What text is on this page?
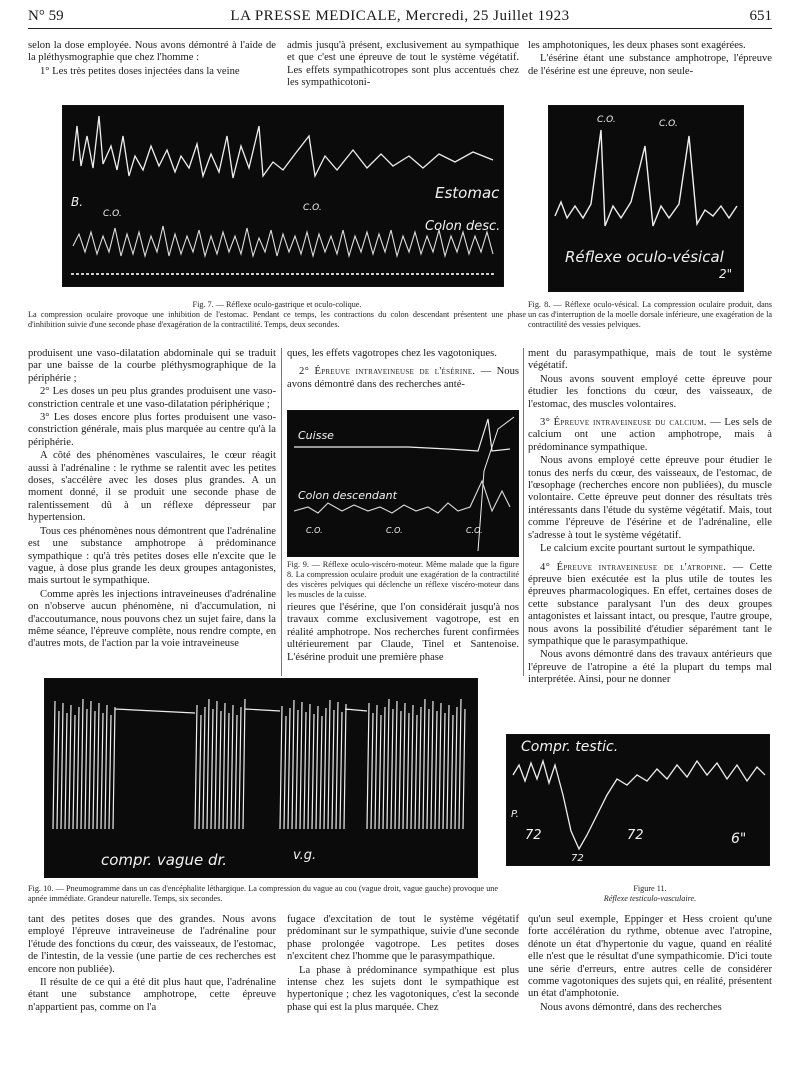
N° 59	LA PRESSE MEDICALE, Mercredi, 25 Juillet 1923	651

selon la dose employée. Nous avons démontré à l'aide de la pléthysmographie que chez l'homme :

1° Les très petites doses injectées dans la veine

admis jusqu'à présent, exclusivement au sympathique et que c'est une épreuve de tout le système végétatif. Les effets sympathicotropes sont plus accentués chez les sympathicotoni-

les amphotoniques, les deux phases sont exagérées.

L'ésérine étant une substance amphotrope, l'épreuve de l'ésérine est une épreuve, non seule-

B.
C.O.
C.O.
Estomac
Colon desc.
C.O.	C.O.
Réflexe oculo-vésical
2"
Fig. 7. — Réflexe oculo-gastrique et oculo-colique.
La compression oculaire provoque une inhibition de l'estomac. Pendant ce temps, les contractions du colon descendant présentent une phase d'inhibition suivie d'une seconde phase d'exagération de la contractilité. Temps, deux secondes.
Fig. 8. — Réflexe oculo-vésical. La compression oculaire produit, dans un cas d'interruption de la moelle dorsale inférieure, une exagération de la contractilité des vessies pelviques.

produisent une vaso-dilatation abdominale qui se traduit par une baisse de la courbe pléthysmographique de la périphérie ;

2° Les doses un peu plus grandes produisent une vaso-constriction centrale et une vaso-dilatation périphérique ;

3° Les doses encore plus fortes produisent une vaso-constriction générale, mais plus marquée au centre qu'à la périphérie.

A côté des phénomènes vasculaires, le cœur réagit aussi à l'adrénaline : le rythme se ralentit avec les petites doses, s'accélère avec les doses plus grandes. A un moment donné, il se produit une seconde phase de ralentissement dû à un réflexe dépresseur par hypertension.

Tous ces phénomènes nous démontrent que l'adrénaline est une substance amphotrope à prédominance sympathique : qu'à très petites doses elle n'excite que le vague, à dose plus grande les deux groupes antagonistes, mais surtout le sympathique.

Comme après les injections intraveineuses d'adrénaline on n'observe aucun phénomène, ni d'accumulation, ni d'accoutumance, nous pouvons chez un sujet faire, dans la même séance, l'épreuve complète, nous rendre compte, en d'autres mots, de l'action par la voie intraveineuse

ques, les effets vagotropes chez les vagotoniques.

2° Épreuve intraveineuse de l'ésérine. — Nous avons démontré dans des recherches anté-

Cuisse
Colon descendant
C.O.	C.O.	C.O.
Fig. 9. — Réflexe oculo-viscéro-moteur. Même malade que la figure 8. La compression oculaire produit une exagération de la contractilité des viscères pelviques qui déclenche un réflexe viscéro-moteur dans les muscles de la cuisse.

rieures que l'ésérine, que l'on considérait jusqu'à nos travaux comme exclusivement vagotrope, est en réalité amphotrope. Nos recherches furent confirmées ultérieurement par Claude, Tinel et Santenoise. L'ésérine produit une première phase

ment du parasympathique, mais de tout le système végétatif.

Nous avons souvent employé cette épreuve pour étudier les fonctions du cœur, des vaisseaux, de l'estomac, des muscles volontaires.

3° Épreuve intraveineuse du calcium. — Les sels de calcium ont une action amphotrope, mais à prédominance sympathique.

Nous avons employé cette épreuve pour étudier le tonus des nerfs du cœur, des vaisseaux, de l'estomac, de l'œsophage (recherches encore non publiées), du muscle volontaire. Cette épreuve peut donner des résultats très intéressants dans l'étude du système végétatif. Mais, tout comme l'épreuve de l'ésérine et de l'adrénaline, elle s'adresse à tout le système végétatif.

Le calcium excite pourtant surtout le sympathique.

4° Épreuve intraveineuse de l'atropine. — Cette épreuve bien exécutée est la plus utile de toutes les épreuves pharmacologiques. En effet, certaines doses de cette substance paralysant l'un des deux groupes antagonistes et laissant intact, ou presque, l'autre groupe, nous avons la possibilité d'étudier séparément tant le sympathique que le parasympathique.

Nous avons démontré dans des travaux antérieurs que l'épreuve de l'atropine a été la plupart du temps mal interprétée. Ainsi, pour ne donner

compr. vague dr.	v.g.
Compr. testic.
P.
72
72
72	6"
Fig. 10. — Pneumogramme dans un cas d'encéphalite léthargique. La compression du vague au cou (vague droit, vague gauche) provoque une apnée immédiate. Grandeur naturelle. Temps, six secondes.
Figure 11.
Réflexe testiculo-vasculaire.

tant des petites doses que des grandes. Nous avons employé l'épreuve intraveineuse de l'adrénaline pour l'étude des fonctions du cœur, des vaisseaux, de l'estomac, de l'intestin, de la vessie (une partie de ces recherches est encore non publiée).

Il résulte de ce qui a été dit plus haut que, l'adrénaline étant une substance amphotrope, cette épreuve n'appartient pas, comme on l'a

fugace d'excitation de tout le système végétatif prédominant sur le sympathique, suivie d'une seconde phase prolongée vagotrope. Les petites doses n'excitent chez l'homme que le parasympathique.

La phase à prédominance sympathique est plus intense chez les sujets dont le sympathique est hypertonique ; chez les vagotoniques, c'est la seconde phase qui est la plus marquée. Chez

qu'un seul exemple, Eppinger et Hess croient qu'une forte accélération du rythme, obtenue avec l'atropine, dénote un état d'hypertonie du vague, quand en réalité elle n'est que le résultat d'une sympathicomie. D'ici toute une série d'erreurs, entre autres celle de considérer comme vagotoniques des sujets qui, en réalité, présentent un état d'amphotonie.

Nous avons démontré, dans des recherches
